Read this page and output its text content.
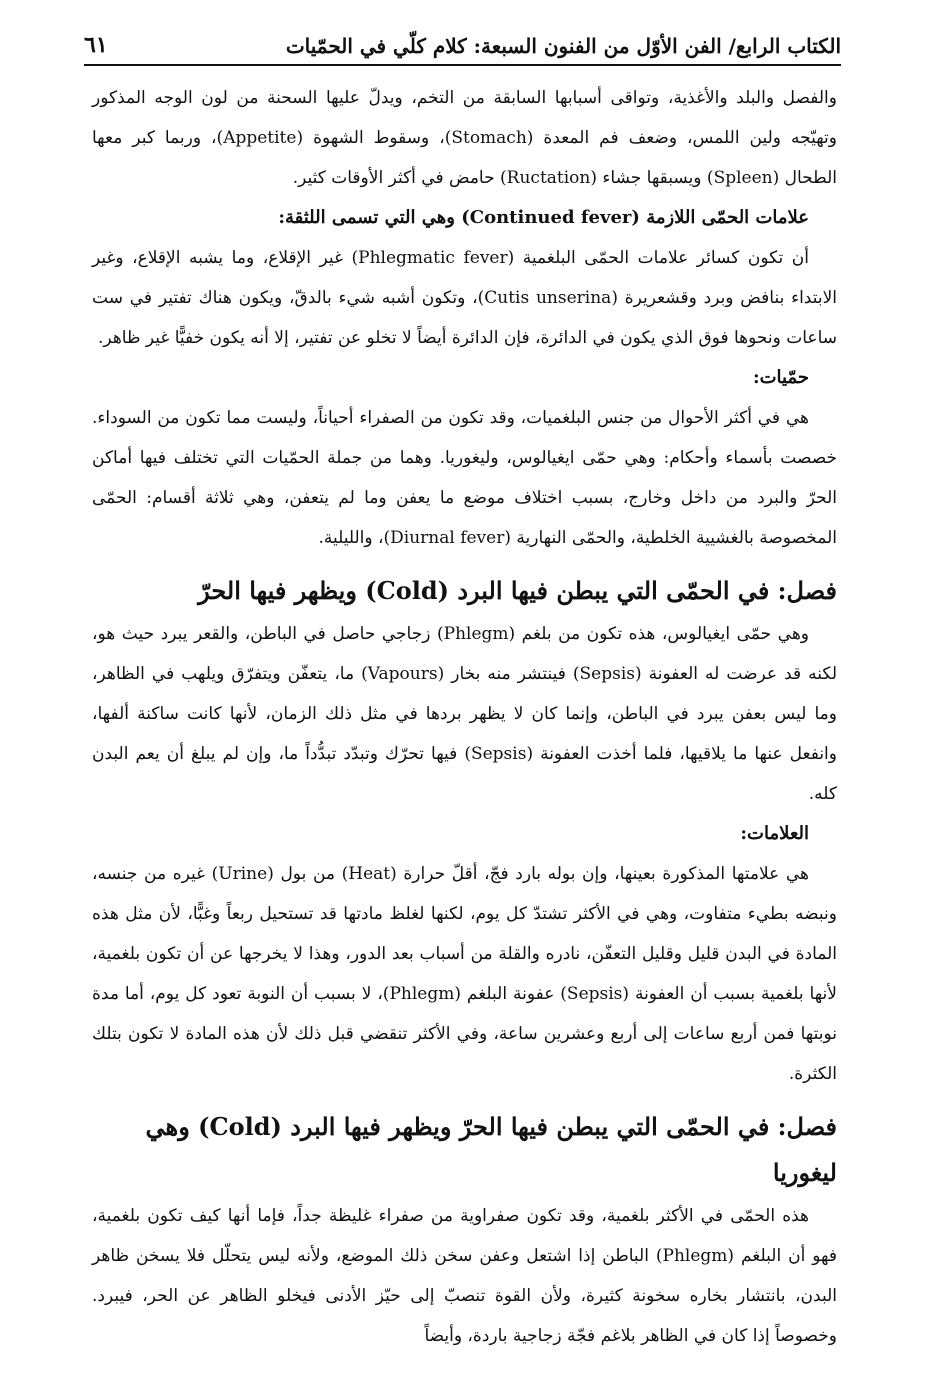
الكتاب الرابع/ الفن الأوّل من الفنون السبعة: كلام كلّي في الحمّيات
٦١

والفصل والبلد والأغذية، وتواقى أسبابها السابقة من التخم، ويدلّ عليها السحنة من لون الوجه المذكور وتهيّجه ولين اللمس، وضعف فم المعدة (Stomach)، وسقوط الشهوة (Appetite)، وربما كبر معها الطحال (Spleen) ويسبقها جشاء (Ructation) حامض في أكثر الأوقات كثير.

علامات الحمّى اللازمة (Continued fever) وهي التي تسمى اللثقة:

أن تكون كسائر علامات الحمّى البلغمية (Phlegmatic fever) غير الإقلاع، وما يشبه الإقلاع، وغير الابتداء بنافض وبرد وقشعريرة (Cutis unserina)، وتكون أشبه شيء بالدقّ، ويكون هناك تفتير في ست ساعات ونحوها فوق الذي يكون في الدائرة، فإن الدائرة أيضاً لا تخلو عن تفتير، إلا أنه يكون خفيًّا غير ظاهر.

حمّيات:

هي في أكثر الأحوال من جنس البلغميات، وقد تكون من الصفراء أحياناً، وليست مما تكون من السوداء. خصصت بأسماء وأحكام: وهي حمّى ايغيالوس، وليغوريا. وهما من جملة الحمّيات التي تختلف فيها أماكن الحرّ والبرد من داخل وخارج، بسبب اختلاف موضع ما يعفن وما لم يتعفن، وهي ثلاثة أقسام: الحمّى المخصوصة بالغشيية الخلطية، والحمّى النهارية (Diurnal fever)، والليلية.

فصل: في الحمّى التي يبطن فيها البرد (Cold) ويظهر فيها الحرّ

وهي حمّى ايغيالوس، هذه تكون من بلغم (Phlegm) زجاجي حاصل في الباطن، والقعر يبرد حيث هو، لكنه قد عرضت له العفونة (Sepsis) فينتشر منه بخار (Vapours) ما، يتعفّن ويتفرّق ويلهب في الظاهر، وما ليس بعفن يبرد في الباطن، وإنما كان لا يظهر بردها في مثل ذلك الزمان، لأنها كانت ساكنة ألفها، وانفعل عنها ما يلاقيها، فلما أخذت العفونة (Sepsis) فيها تحرّك وتبدّد تبدُّداً ما، وإن لم يبلغ أن يعم البدن كله.

العلامات:

هي علامتها المذكورة بعينها، وإن بوله بارد فجّ، أقلّ حرارة (Heat) من بول (Urine) غيره من جنسه، ونبضه بطيء متفاوت، وهي في الأكثر تشتدّ كل يوم، لكنها لغلظ مادتها قد تستحيل ربعاً وغبًّا، لأن مثل هذه المادة في البدن قليل وقليل التعفّن، نادره والقلة من أسباب بعد الدور، وهذا لا يخرجها عن أن تكون بلغمية، لأنها بلغمية بسبب أن العفونة (Sepsis) عفونة البلغم (Phlegm)، لا بسبب أن النوبة تعود كل يوم، أما مدة نوبتها فمن أربع ساعات إلى أربع وعشرين ساعة، وفي الأكثر تنقضي قبل ذلك لأن هذه المادة لا تكون بتلك الكثرة.

فصل: في الحمّى التي يبطن فيها الحرّ ويظهر فيها البرد (Cold) وهي ليغوريا

هذه الحمّى في الأكثر بلغمية، وقد تكون صفراوية من صفراء غليظة جداً، فإما أنها كيف تكون بلغمية، فهو أن البلغم (Phlegm) الباطن إذا اشتعل وعفن سخن ذلك الموضع، ولأنه ليس يتحلّل فلا يسخن ظاهر البدن، بانتشار بخاره سخونة كثيرة، ولأن القوة تنصبّ إلى حيّز الأدنى فيخلو الظاهر عن الحر، فيبرد. وخصوصاً إذا كان في الظاهر بلاغم فجّة زجاجية باردة، وأيضاً
